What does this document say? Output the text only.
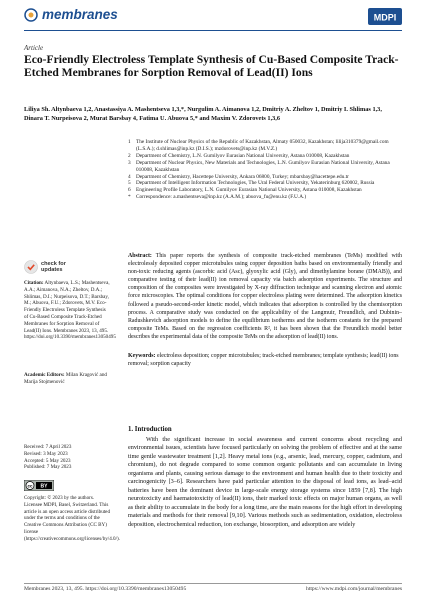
membranes	MDPI
Article
Eco-Friendly Electroless Template Synthesis of Cu-Based Composite Track-Etched Membranes for Sorption Removal of Lead(II) Ions
Liliya Sh. Altynbaeva 1,2, Anastassiya A. Mashentseva 1,3,*, Nurgulim A. Aimanova 1,2, Dmitriy A. Zheltov 1, Dmitriy I. Shlimas 1,3, Dinara T. Nurpeisova 2, Murat Barsbay 4, Fatima U. Abuova 5,* and Maxim V. Zdorovets 1,3,6
1	The Institute of Nuclear Physics of the Republic of Kazakhstan, Almaty 050032, Kazakhstan; lilija310379@gmail.com (L.S.A.); d.shlimas@inp.kz (D.I.S.); mzdorovets@inp.kz (M.V.Z.)
2	Department of Chemistry, L.N. Gumilyov Eurasian National University, Astana 010008, Kazakhstan
3	Department of Nuclear Physics, New Materials and Technologies, L.N. Gumilyov Eurasian National University, Astana 010008, Kazakhstan
4	Department of Chemistry, Hacettepe University, Ankara 06800, Turkey; mbarsbay@hacettepe.edu.tr
5	Department of Intelligent Information Technologies, The Ural Federal University, Yekaterinburg 620002, Russia
6	Engineering Profile Laboratory, L.N. Gumilyov Eurasian National University, Astana 010008, Kazakhstan
*	Correspondence: a.mashentseva@inp.kz (A.A.M.); abuova_fu@enu.kz (F.U.A.)
Abstract: This paper reports the synthesis of composite track-etched membranes (TeMs) modified with electrolessly deposited copper microtubules using copper deposition baths based on environmentally friendly and non-toxic reducing agents (ascorbic acid (Asc), glyoxylic acid (Gly), and dimethylamine borane (DMAB)), and comparative testing of their lead(II) ion removal capacity via batch adsorption experiments. The structure and composition of the composites were investigated by X-ray diffraction technique and scanning electron and atomic force microscopies. The optimal conditions for copper electroless plating were determined. The adsorption kinetics followed a pseudo-second-order kinetic model, which indicates that adsorption is controlled by the chemisorption process. A comparative study was conducted on the applicability of the Langmuir, Freundlich, and Dubinin–Radushkevich adsorption models to define the equilibrium isotherms and the isotherm constants for the prepared composite TeMs. Based on the regression coefficients R², it has been shown that the Freundlich model better describes the experimental data of the composite TeMs on the adsorption of lead(II) ions.
Keywords: electroless deposition; copper microtubules; track-etched membranes; template synthesis; lead(II) ions removal; sorption capacity
check for
updates
Citation: Altynbaeva, L.S.; Mashentseva, A.A.; Aimanova, N.A.; Zheltov, D.A.; Shlimas, D.I.; Nurpeisova, D.T.; Barsbay, M.; Abuova, F.U.; Zdorovets, M.V. Eco-Friendly Electroless Template Synthesis of Cu-Based Composite Track-Etched Membranes for Sorption Removal of Lead(II) Ions. Membranes 2023, 13, 495. https://doi.org/10.3390/membranes13050495
Academic Editors: Milan Kragović and Marija Stojmenović
Received: 7 April 2023
Revised: 3 May 2023
Accepted: 5 May 2023
Published: 7 May 2023
cc BY
Copyright: © 2023 by the authors. Licensee MDPI, Basel, Switzerland. This article is an open access article distributed under the terms and conditions of the Creative Commons Attribution (CC BY) license (https://creativecommons.org/licenses/by/4.0/).
1. Introduction

With the significant increase in social awareness and current concerns about recycling and environmental issues, scientists have focused particularly on solving the problem of effective and at the same time gentle wastewater treatment [1,2]. Heavy metal ions (e.g., arsenic, lead, mercury, copper, cadmium, and chromium), do not degrade compared to some common organic pollutants and can accumulate in living organisms and plants, causing serious damage to the environment and human health due to their toxicity and carcinogenicity [3–6]. Researchers have paid particular attention to the disposal of lead ions, as lead–acid batteries have been the dominant device in large-scale energy storage systems since 1859 [7,8]. The high neurotoxicity and haematotoxicity of lead(II) ions, their marked toxic effects on major human organs, as well as their ability to accumulate in the body for a long time, are the main reasons for the high effort in developing materials and methods for their removal [9,10]. Various methods such as sedimentation, oxidation, electroless deposition, electrochemical reduction, ion exchange, biosorption, and adsorption are widely

Membranes 2023, 13, 495. https://doi.org/10.3390/membranes13050495	https://www.mdpi.com/journal/membranes
